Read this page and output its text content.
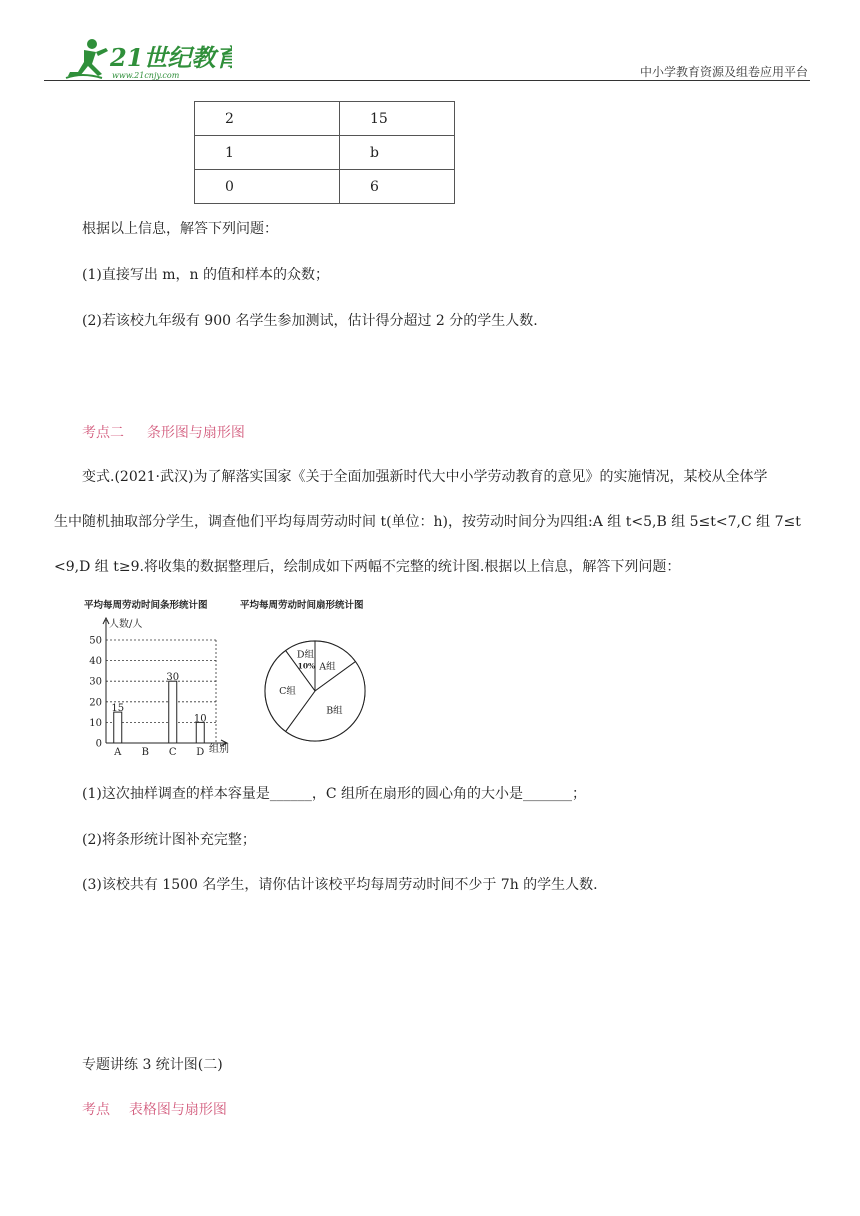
21世纪教育
www.21cnjy.com	中小学教育资源及组卷应用平台
2	15
1	b
0	6
根据以上信息，解答下列问题：
(1)直接写出 m，n 的值和样本的众数；
(2)若该校九年级有 900 名学生参加测试，估计得分超过 2 分的学生人数.
考点二 条形图与扇形图
变式.(2021·武汉)为了解落实国家《关于全面加强新时代大中小学劳动教育的意见》的实施情况，某校从全体学
生中随机抽取部分学生，调查他们平均每周劳动时间 t(单位：h)，按劳动时间分为四组:A 组 t<5,B 组 5≤t<7,C 组 7≤t
<9,D 组 t≥9.将收集的数据整理后，绘制成如下两幅不完整的统计图.根据以上信息，解答下列问题：
平均每周劳动时间条形统计图	平均每周劳动时间扇形统计图
人数/人
组别
0
10
20
30
40
50
A
15
B C
30
D
10
D组
10% A组
B组
C组
(1)这次抽样调查的样本容量是______，C 组所在扇形的圆心角的大小是_______；
(2)将条形统计图补充完整；
(3)该校共有 1500 名学生，请你估计该校平均每周劳动时间不少于 7h 的学生人数.
专题讲练 3 统计图(二)
考点 表格图与扇形图
